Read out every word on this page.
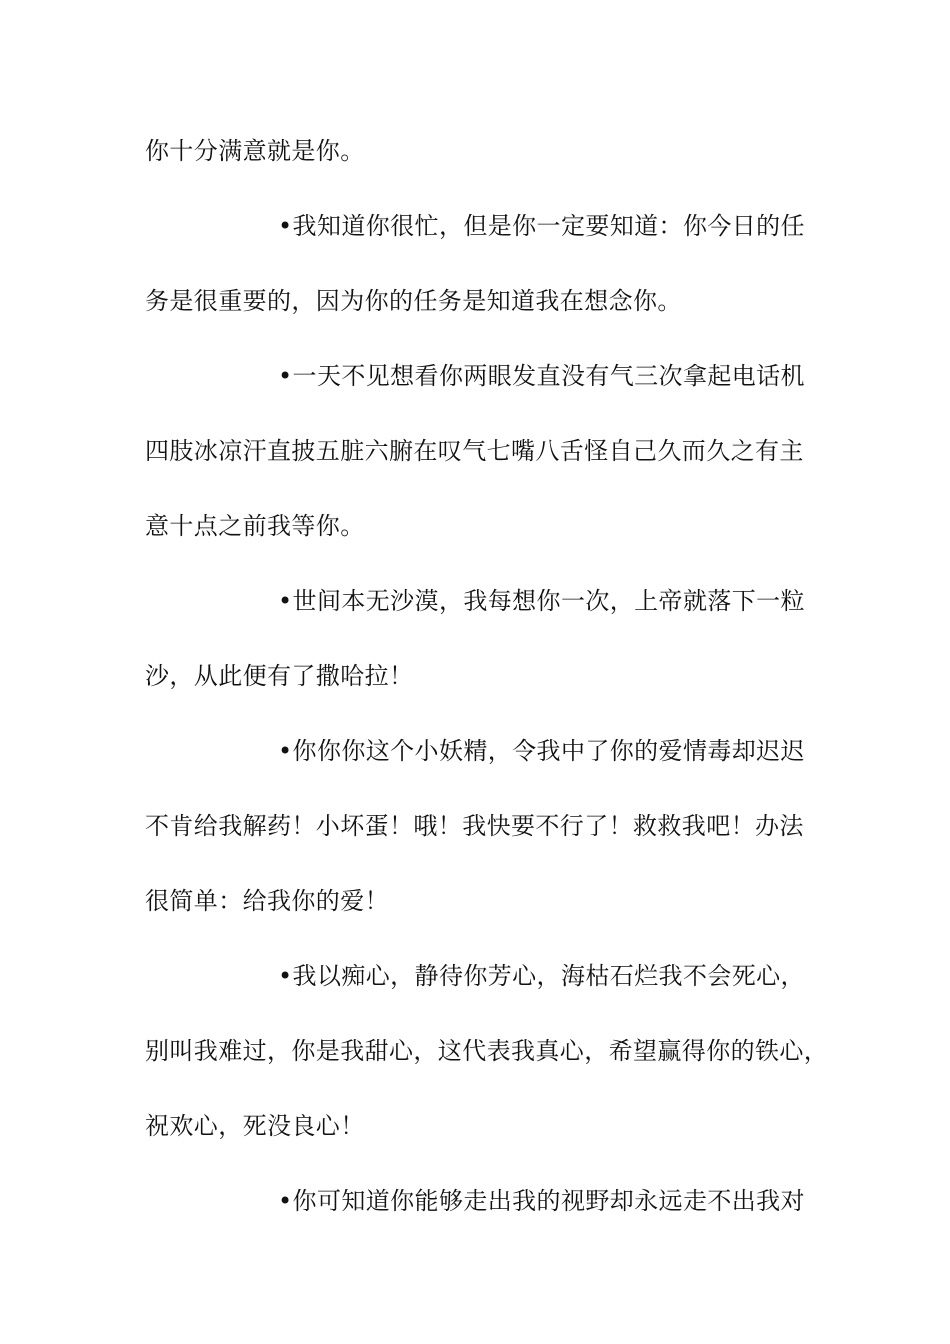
你十分满意就是你。
•我知道你很忙，但是你一定要知道：你今日的任
务是很重要的，因为你的任务是知道我在想念你。
•一天不见想看你两眼发直没有气三次拿起电话机
四肢冰凉汗直披五脏六腑在叹气七嘴八舌怪自己久而久之有主
意十点之前我等你。
•世间本无沙漠，我每想你一次，上帝就落下一粒
沙，从此便有了撒哈拉！
•你你你这个小妖精，令我中了你的爱情毒却迟迟
不肯给我解药！小坏蛋！哦！我快要不行了！救救我吧！办法
很简单：给我你的爱！
•我以痴心，静待你芳心，海枯石烂我不会死心，
别叫我难过，你是我甜心，这代表我真心，希望赢得你的铁心，
祝欢心，死没良心！
•你可知道你能够走出我的视野却永远走不出我对
